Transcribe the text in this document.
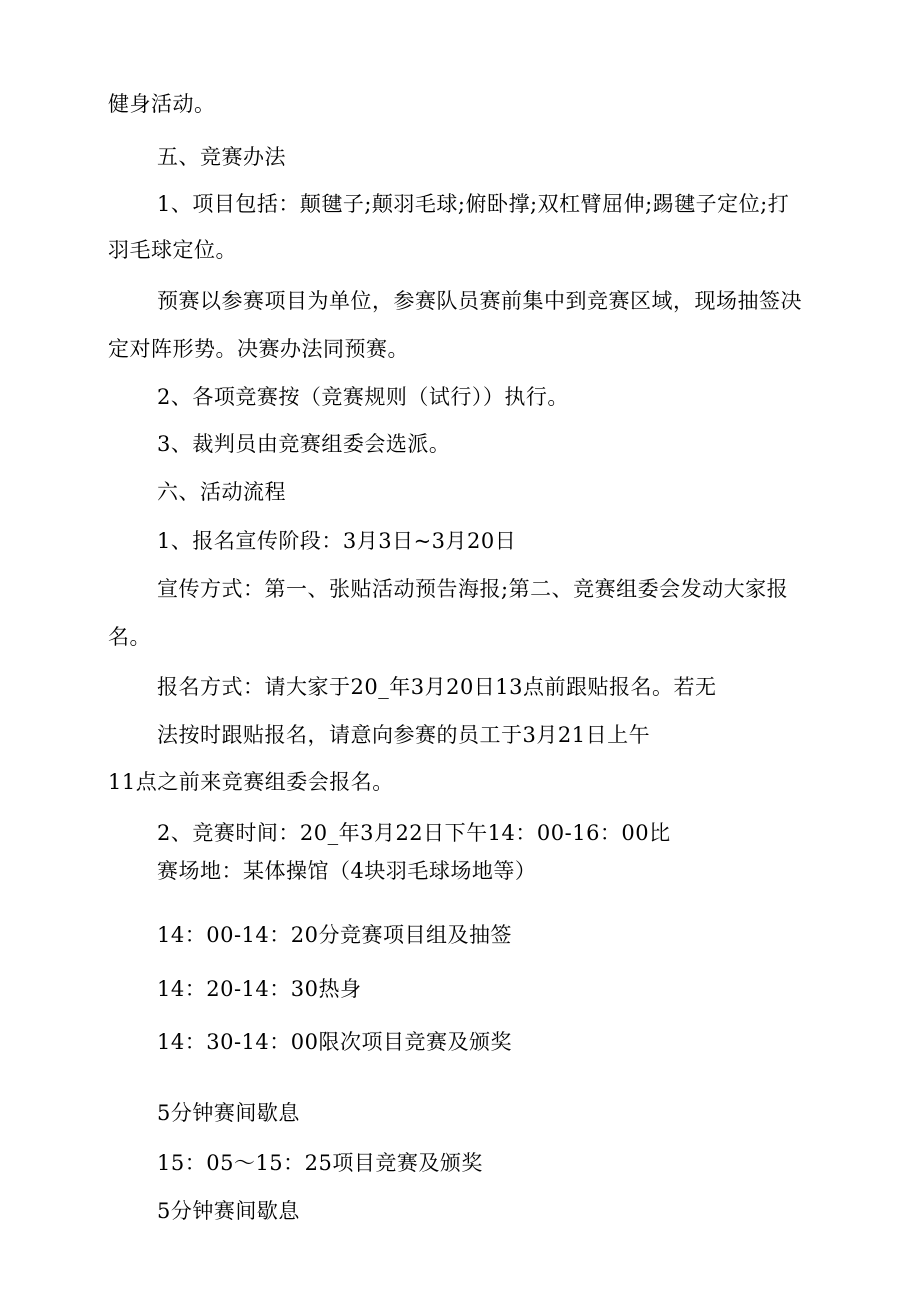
健身活动。
五、竞赛办法
1、项目包括：颠毽子;颠羽毛球;俯卧撑;双杠臂屈伸;踢毽子定位;打
羽毛球定位。
预赛以参赛项目为单位，参赛队员赛前集中到竞赛区域，现场抽签决
定对阵形势。决赛办法同预赛。
2、各项竞赛按（竞赛规则（试行））执行。
3、裁判员由竞赛组委会选派。
六、活动流程
1、报名宣传阶段：3月3日~3月20日
宣传方式：第一、张贴活动预告海报;第二、竞赛组委会发动大家报
名。
报名方式：请大家于20_年3月20日13点前跟贴报名。若无
法按时跟贴报名，请意向参赛的员工于3月21日上午
11点之前来竞赛组委会报名。
2、竞赛时间：20_年3月22日下午14：00-16：00比
赛场地：某体操馆（4块羽毛球场地等）
14：00-14：20分竞赛项目组及抽签
14：20-14：30热身
14：30-14：00限次项目竞赛及颁奖
5分钟赛间歇息
15：05～15：25项目竞赛及颁奖
5分钟赛间歇息
